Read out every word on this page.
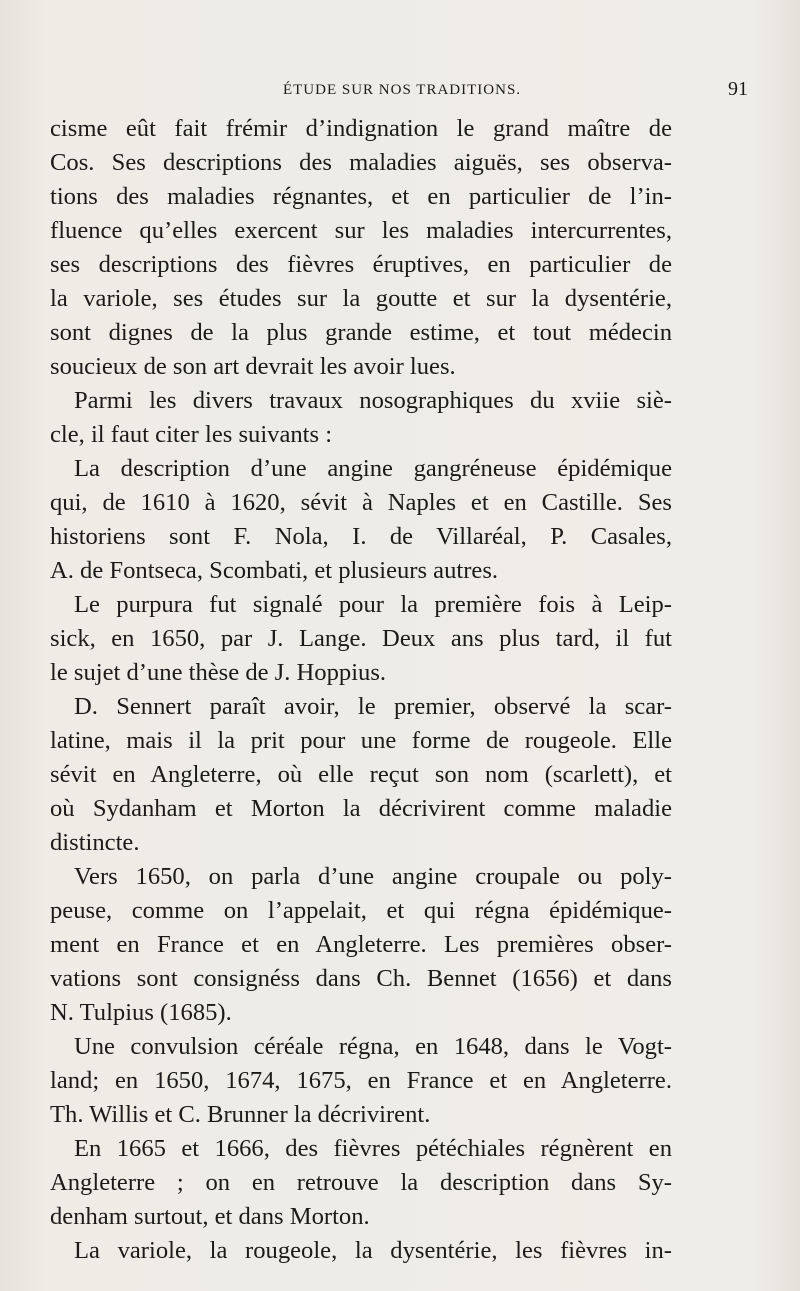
ÉTUDE SUR NOS TRADITIONS.	91

cisme eût fait frémir d’indignation le grand maître de
Cos. Ses descriptions des maladies aiguës, ses observa-
tions des maladies régnantes, et en particulier de l’in-
fluence qu’elles exercent sur les maladies intercurrentes,
ses descriptions des fièvres éruptives, en particulier de
la variole, ses études sur la goutte et sur la dysentérie,
sont dignes de la plus grande estime, et tout médecin
soucieux de son art devrait les avoir lues.

Parmi les divers travaux nosographiques du xviie siè-
cle, il faut citer les suivants :

La description d’une angine gangréneuse épidémique
qui, de 1610 à 1620, sévit à Naples et en Castille. Ses
historiens sont F. Nola, I. de Villaréal, P. Casales,
A. de Fontseca, Scombati, et plusieurs autres.

Le purpura fut signalé pour la première fois à Leip-
sick, en 1650, par J. Lange. Deux ans plus tard, il fut
le sujet d’une thèse de J. Hoppius.

D. Sennert paraît avoir, le premier, observé la scar-
latine, mais il la prit pour une forme de rougeole. Elle
sévit en Angleterre, où elle reçut son nom (scarlett), et
où Sydanham et Morton la décrivirent comme maladie
distincte.

Vers 1650, on parla d’une angine croupale ou poly-
peuse, comme on l’appelait, et qui régna épidémique-
ment en France et en Angleterre. Les premières obser-
vations sont consignéss dans Ch. Bennet (1656) et dans
N. Tulpius (1685).

Une convulsion céréale régna, en 1648, dans le Vogt-
land; en 1650, 1674, 1675, en France et en Angleterre.
Th. Willis et C. Brunner la décrivirent.

En 1665 et 1666, des fièvres pétéchiales régnèrent en
Angleterre ; on en retrouve la description dans Sy-
denham surtout, et dans Morton.

La variole, la rougeole, la dysentérie, les fièvres in-
